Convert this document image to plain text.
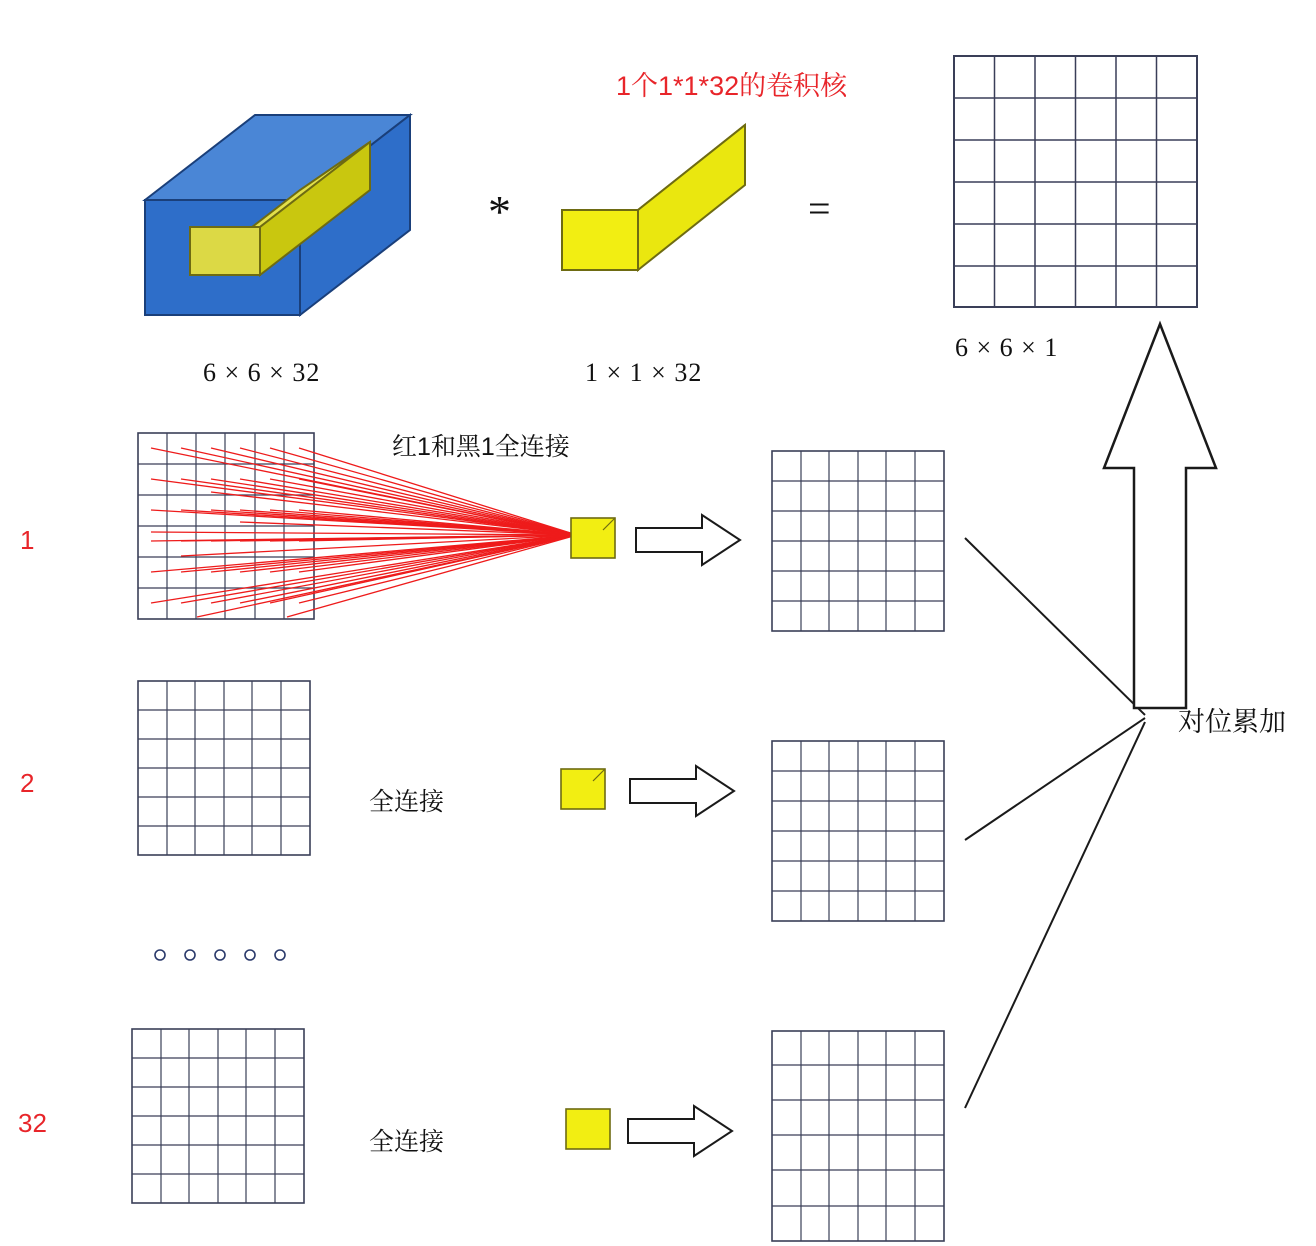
1个1*1*32的卷积核
6 × 6 × 32
*
1 × 1 × 32
=
6 × 6 × 1
1
红1和黑1全连接
2
全连接
32
全连接
对位累加
